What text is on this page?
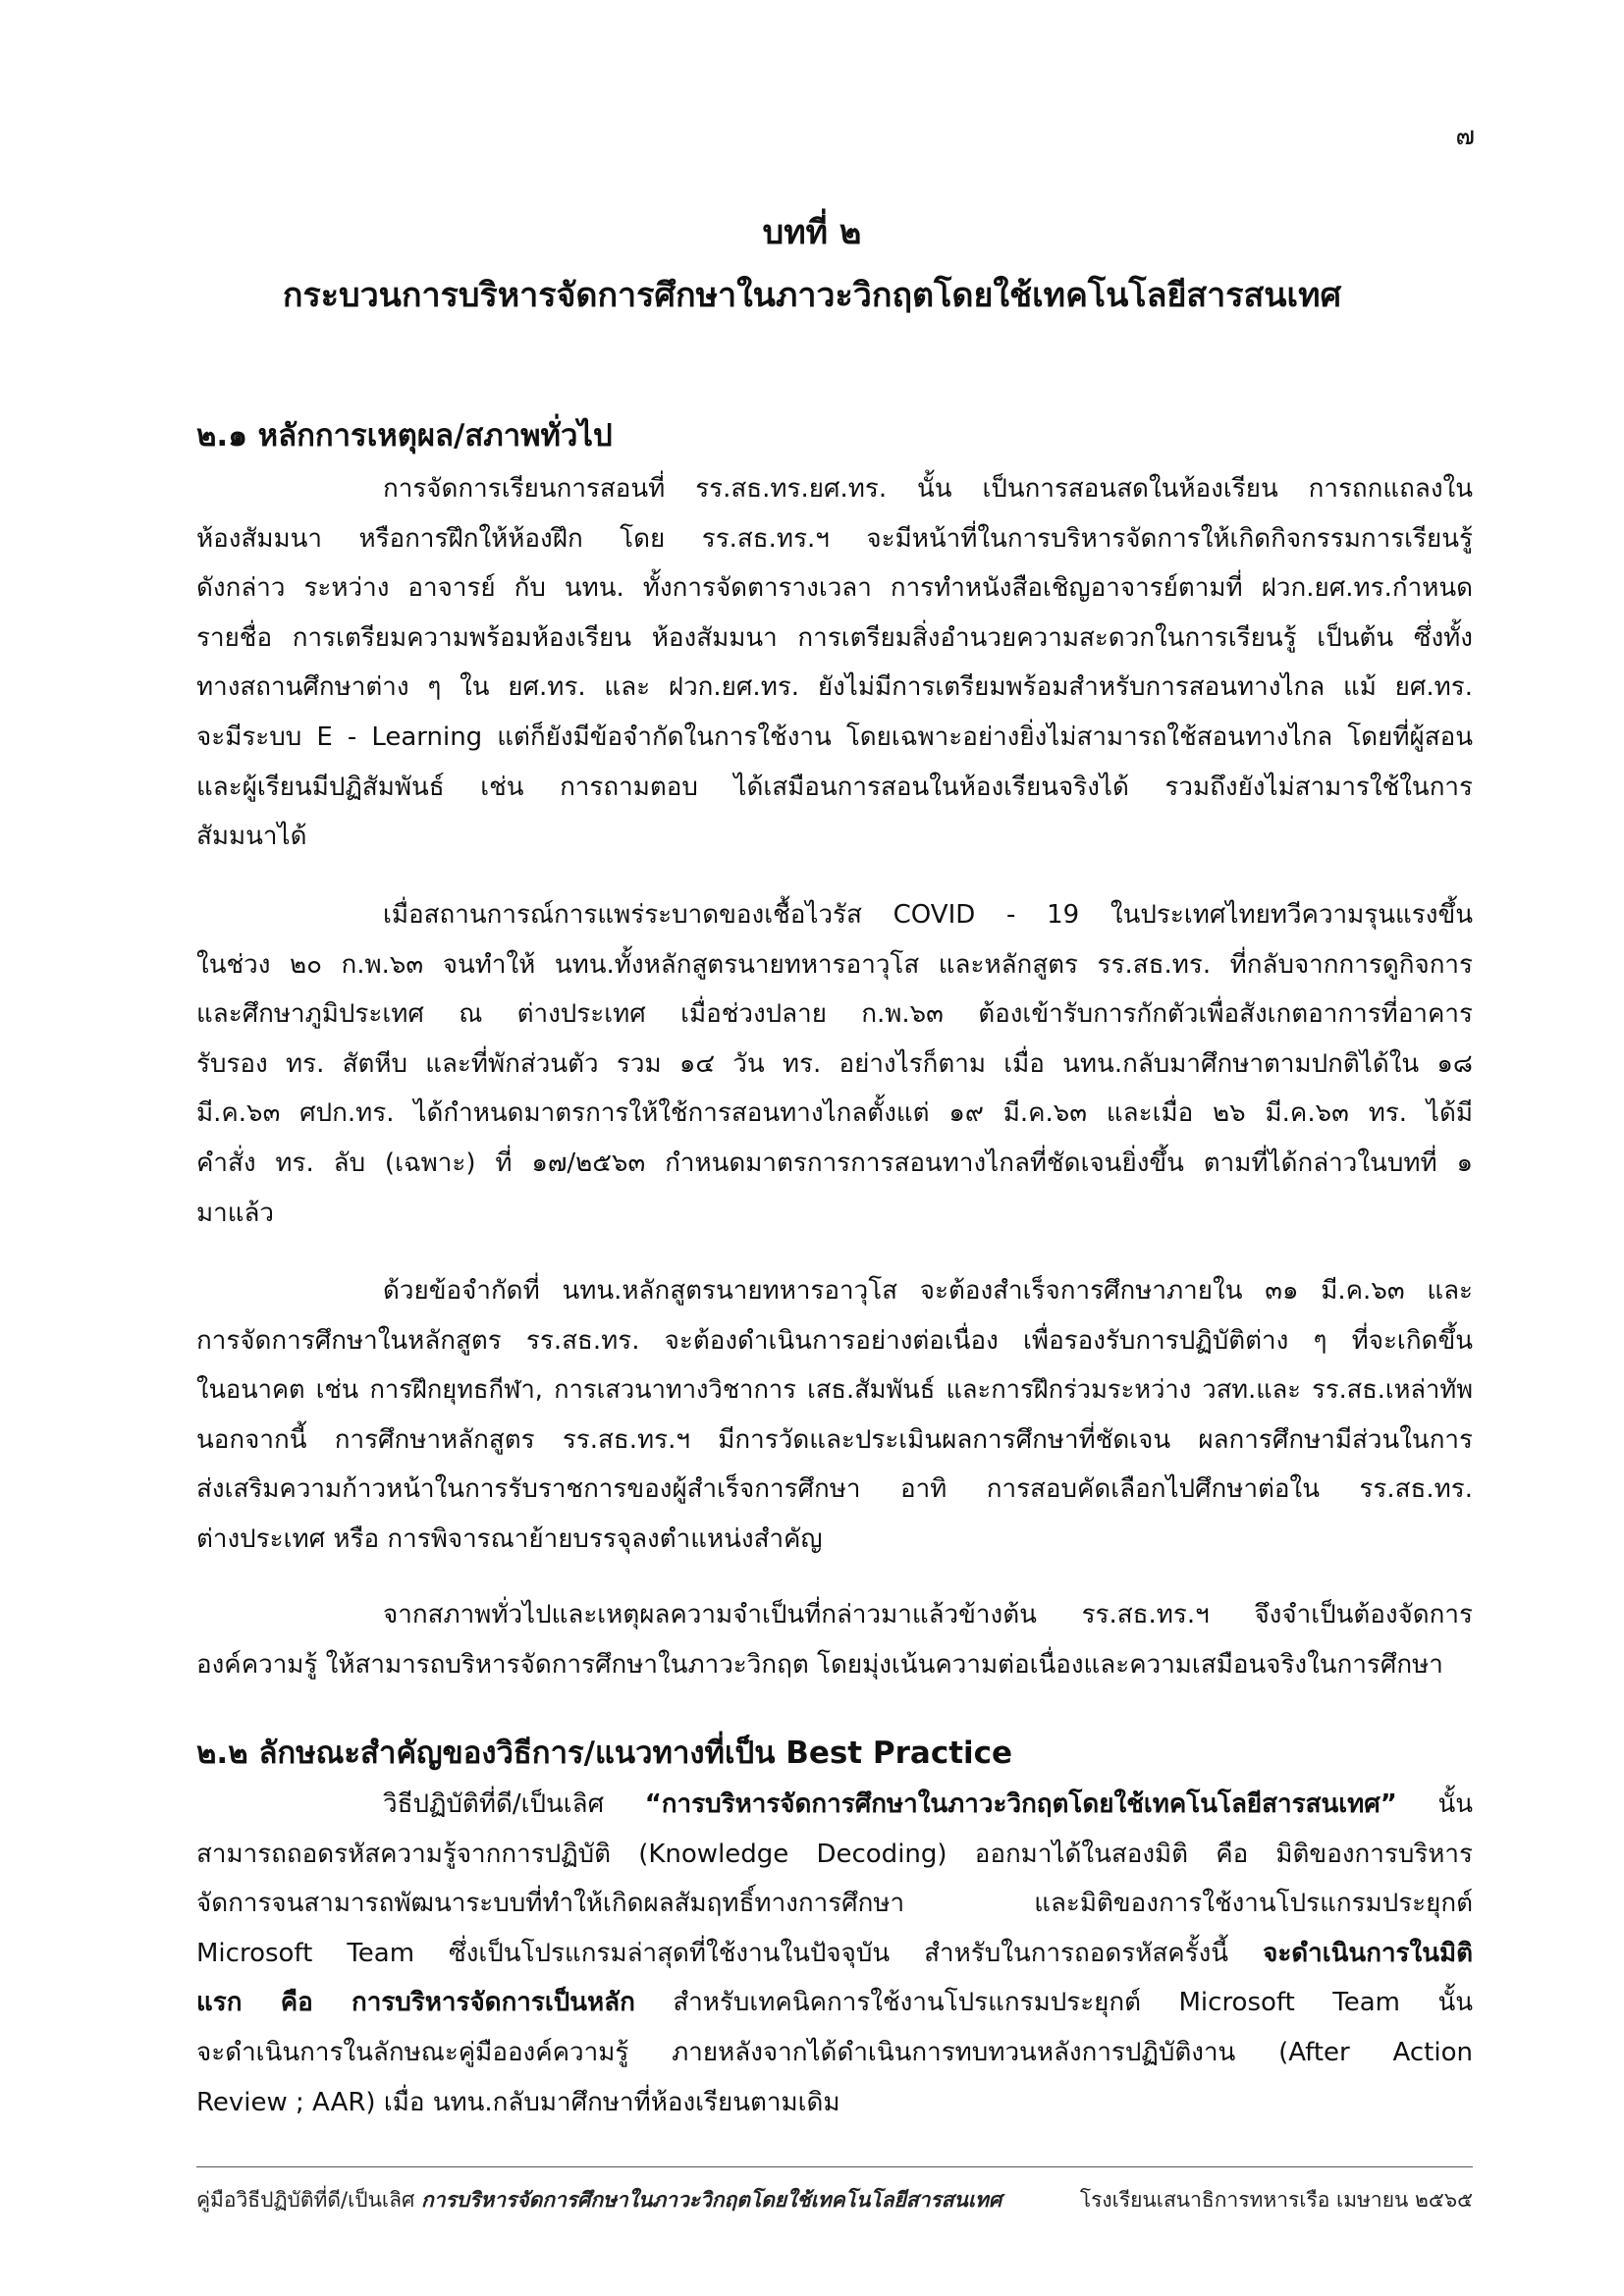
๗
บทที่ ๒
กระบวนการบริหารจัดการศึกษาในภาวะวิกฤตโดยใช้เทคโนโลยีสารสนเทศ
๒.๑ หลักการเหตุผล/สภาพทั่วไป
การจัดการเรียนการสอนที่ รร.สธ.ทร.ยศ.ทร. นั้น เป็นการสอนสดในห้องเรียน การถกแถลงใน
ห้องสัมมนา หรือการฝึกให้ห้องฝึก โดย รร.สธ.ทร.ฯ จะมีหน้าที่ในการบริหารจัดการให้เกิดกิจกรรมการเรียนรู้
ดังกล่าว ระหว่าง อาจารย์ กับ นทน. ทั้งการจัดตารางเวลา การทำหนังสือเชิญอาจารย์ตามที่ ฝวก.ยศ.ทร.กำหนด
รายชื่อ การเตรียมความพร้อมห้องเรียน ห้องสัมมนา การเตรียมสิ่งอำนวยความสะดวกในการเรียนรู้ เป็นต้น ซึ่งทั้ง
ทางสถานศึกษาต่าง ๆ ใน ยศ.ทร. และ ฝวก.ยศ.ทร. ยังไม่มีการเตรียมพร้อมสำหรับการสอนทางไกล แม้ ยศ.ทร.
จะมีระบบ E - Learning แต่ก็ยังมีข้อจำกัดในการใช้งาน โดยเฉพาะอย่างยิ่งไม่สามารถใช้สอนทางไกล โดยที่ผู้สอน
และผู้เรียนมีปฏิสัมพันธ์ เช่น การถามตอบ ได้เสมือนการสอนในห้องเรียนจริงได้ รวมถึงยังไม่สามารใช้ในการ
สัมมนาได้
เมื่อสถานการณ์การแพร่ระบาดของเชื้อไวรัส COVID - 19 ในประเทศไทยทวีความรุนแรงขึ้น
ในช่วง ๒๐ ก.พ.๖๓ จนทำให้ นทน.ทั้งหลักสูตรนายทหารอาวุโส และหลักสูตร รร.สธ.ทร. ที่กลับจากการดูกิจการ
และศึกษาภูมิประเทศ ณ ต่างประเทศ เมื่อช่วงปลาย ก.พ.๖๓ ต้องเข้ารับการกักตัวเพื่อสังเกตอาการที่อาคาร
รับรอง ทร. สัตหีบ และที่พักส่วนตัว รวม ๑๔ วัน ทร. อย่างไรก็ตาม เมื่อ นทน.กลับมาศึกษาตามปกติได้ใน ๑๘
มี.ค.๖๓ ศปก.ทร. ได้กำหนดมาตรการให้ใช้การสอนทางไกลตั้งแต่ ๑๙ มี.ค.๖๓ และเมื่อ ๒๖ มี.ค.๖๓ ทร. ได้มี
คำสั่ง ทร. ลับ (เฉพาะ) ที่ ๑๗/๒๕๖๓ กำหนดมาตรการการสอนทางไกลที่ชัดเจนยิ่งขึ้น ตามที่ได้กล่าวในบทที่ ๑
มาแล้ว
ด้วยข้อจำกัดที่ นทน.หลักสูตรนายทหารอาวุโส จะต้องสำเร็จการศึกษาภายใน ๓๑ มี.ค.๖๓ และ
การจัดการศึกษาในหลักสูตร รร.สธ.ทร. จะต้องดำเนินการอย่างต่อเนื่อง เพื่อรองรับการปฏิบัติต่าง ๆ ที่จะเกิดขึ้น
ในอนาคต เช่น การฝึกยุทธกีฬา, การเสวนาทางวิชาการ เสธ.สัมพันธ์ และการฝึกร่วมระหว่าง วสท.และ รร.สธ.เหล่าทัพ
นอกจากนี้ การศึกษาหลักสูตร รร.สธ.ทร.ฯ มีการวัดและประเมินผลการศึกษาที่ชัดเจน ผลการศึกษามีส่วนในการ
ส่งเสริมความก้าวหน้าในการรับราชการของผู้สำเร็จการศึกษา อาทิ การสอบคัดเลือกไปศึกษาต่อใน รร.สธ.ทร.
ต่างประเทศ หรือ การพิจารณาย้ายบรรจุลงตำแหน่งสำคัญ
จากสภาพทั่วไปและเหตุผลความจำเป็นที่กล่าวมาแล้วข้างต้น รร.สธ.ทร.ฯ จึงจำเป็นต้องจัดการ
องค์ความรู้ ให้สามารถบริหารจัดการศึกษาในภาวะวิกฤต โดยมุ่งเน้นความต่อเนื่องและความเสมือนจริงในการศึกษา
๒.๒ ลักษณะสำคัญของวิธีการ/แนวทางที่เป็น Best Practice
วิธีปฏิบัติที่ดี/เป็นเลิศ “การบริหารจัดการศึกษาในภาวะวิกฤตโดยใช้เทคโนโลยีสารสนเทศ” นั้น
สามารถถอดรหัสความรู้จากการปฏิบัติ (Knowledge Decoding) ออกมาได้ในสองมิติ คือ มิติของการบริหาร
จัดการจนสามารถพัฒนาระบบที่ทำให้เกิดผลสัมฤทธิ์ทางการศึกษา และมิติของการใช้งานโปรแกรมประยุกต์
Microsoft Team ซึ่งเป็นโปรแกรมล่าสุดที่ใช้งานในปัจจุบัน สำหรับในการถอดรหัสครั้งนี้ จะดำเนินการในมิติ
แรก คือ การบริหารจัดการเป็นหลัก สำหรับเทคนิคการใช้งานโปรแกรมประยุกต์ Microsoft Team นั้น
จะดำเนินการในลักษณะคู่มือองค์ความรู้ ภายหลังจากได้ดำเนินการทบทวนหลังการปฏิบัติงาน (After Action
Review ; AAR) เมื่อ นทน.กลับมาศึกษาที่ห้องเรียนตามเดิม
คู่มือวิธีปฏิบัติที่ดี/เป็นเลิศ การบริหารจัดการศึกษาในภาวะวิกฤตโดยใช้เทคโนโลยีสารสนเทศ	โรงเรียนเสนาธิการทหารเรือ เมษายน ๒๕๖๕
